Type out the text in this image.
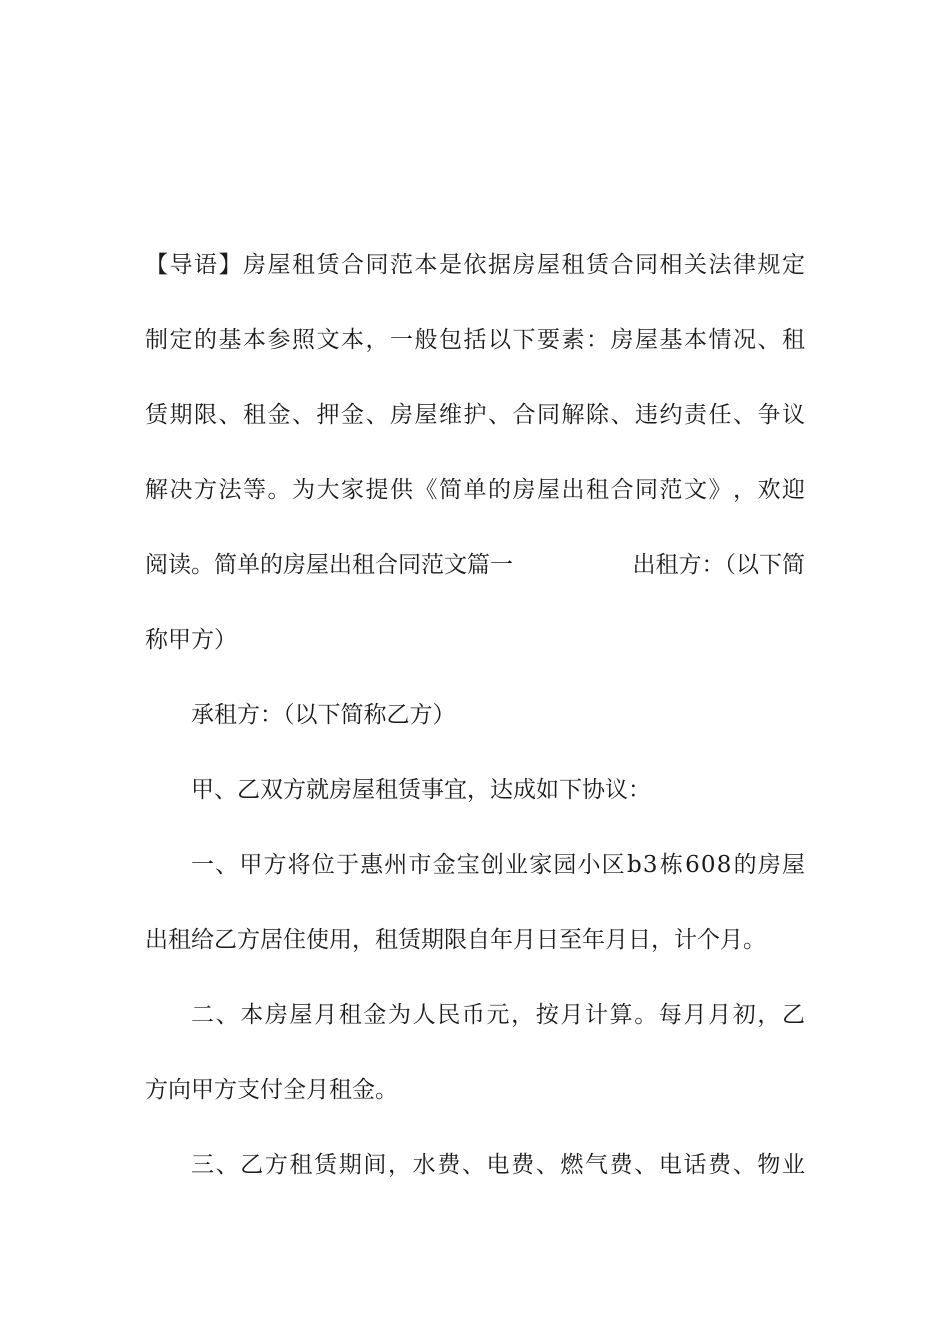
【 导 语 】 房 屋 租 赁 合 同 范 本 是 依 据 房 屋 租 赁 合 同 相 关 法 律 规 定
制 定 的 基 本 参 照 文 本 ， 一 般 包 括 以 下 要 素 ： 房 屋 基 本 情 况 、 租
赁 期 限 、 租 金 、 押 金 、 房 屋 维 护 、 合 同 解 除 、 违 约 责 任 、 争 议
解 决 方 法 等 。 为 大 家 提 供 《 简 单 的 房 屋 出 租 合 同 范 文 》 ， 欢 迎
阅读。简单的房屋出租合同范文篇一	出租方：（以下简
称甲方）
承租方：（以下简称乙方）
甲、乙双方就房屋租赁事宜，达成如下协议：
一 、 甲 方 将 位 于 惠 州 市 金 宝 创 业 家 园 小 区 b 3 栋 6 0 8 的 房 屋
出租给乙方居住使用，租赁期限自年月日至年月日，计个月。
二 、 本 房 屋 月 租 金 为 人 民 币 元 ， 按 月 计 算 。 每 月 月 初 ， 乙
方向甲方支付全月租金。
三 、 乙 方 租 赁 期 间 ， 水 费 、 电 费 、 燃 气 费 、 电 话 费 、 物 业
